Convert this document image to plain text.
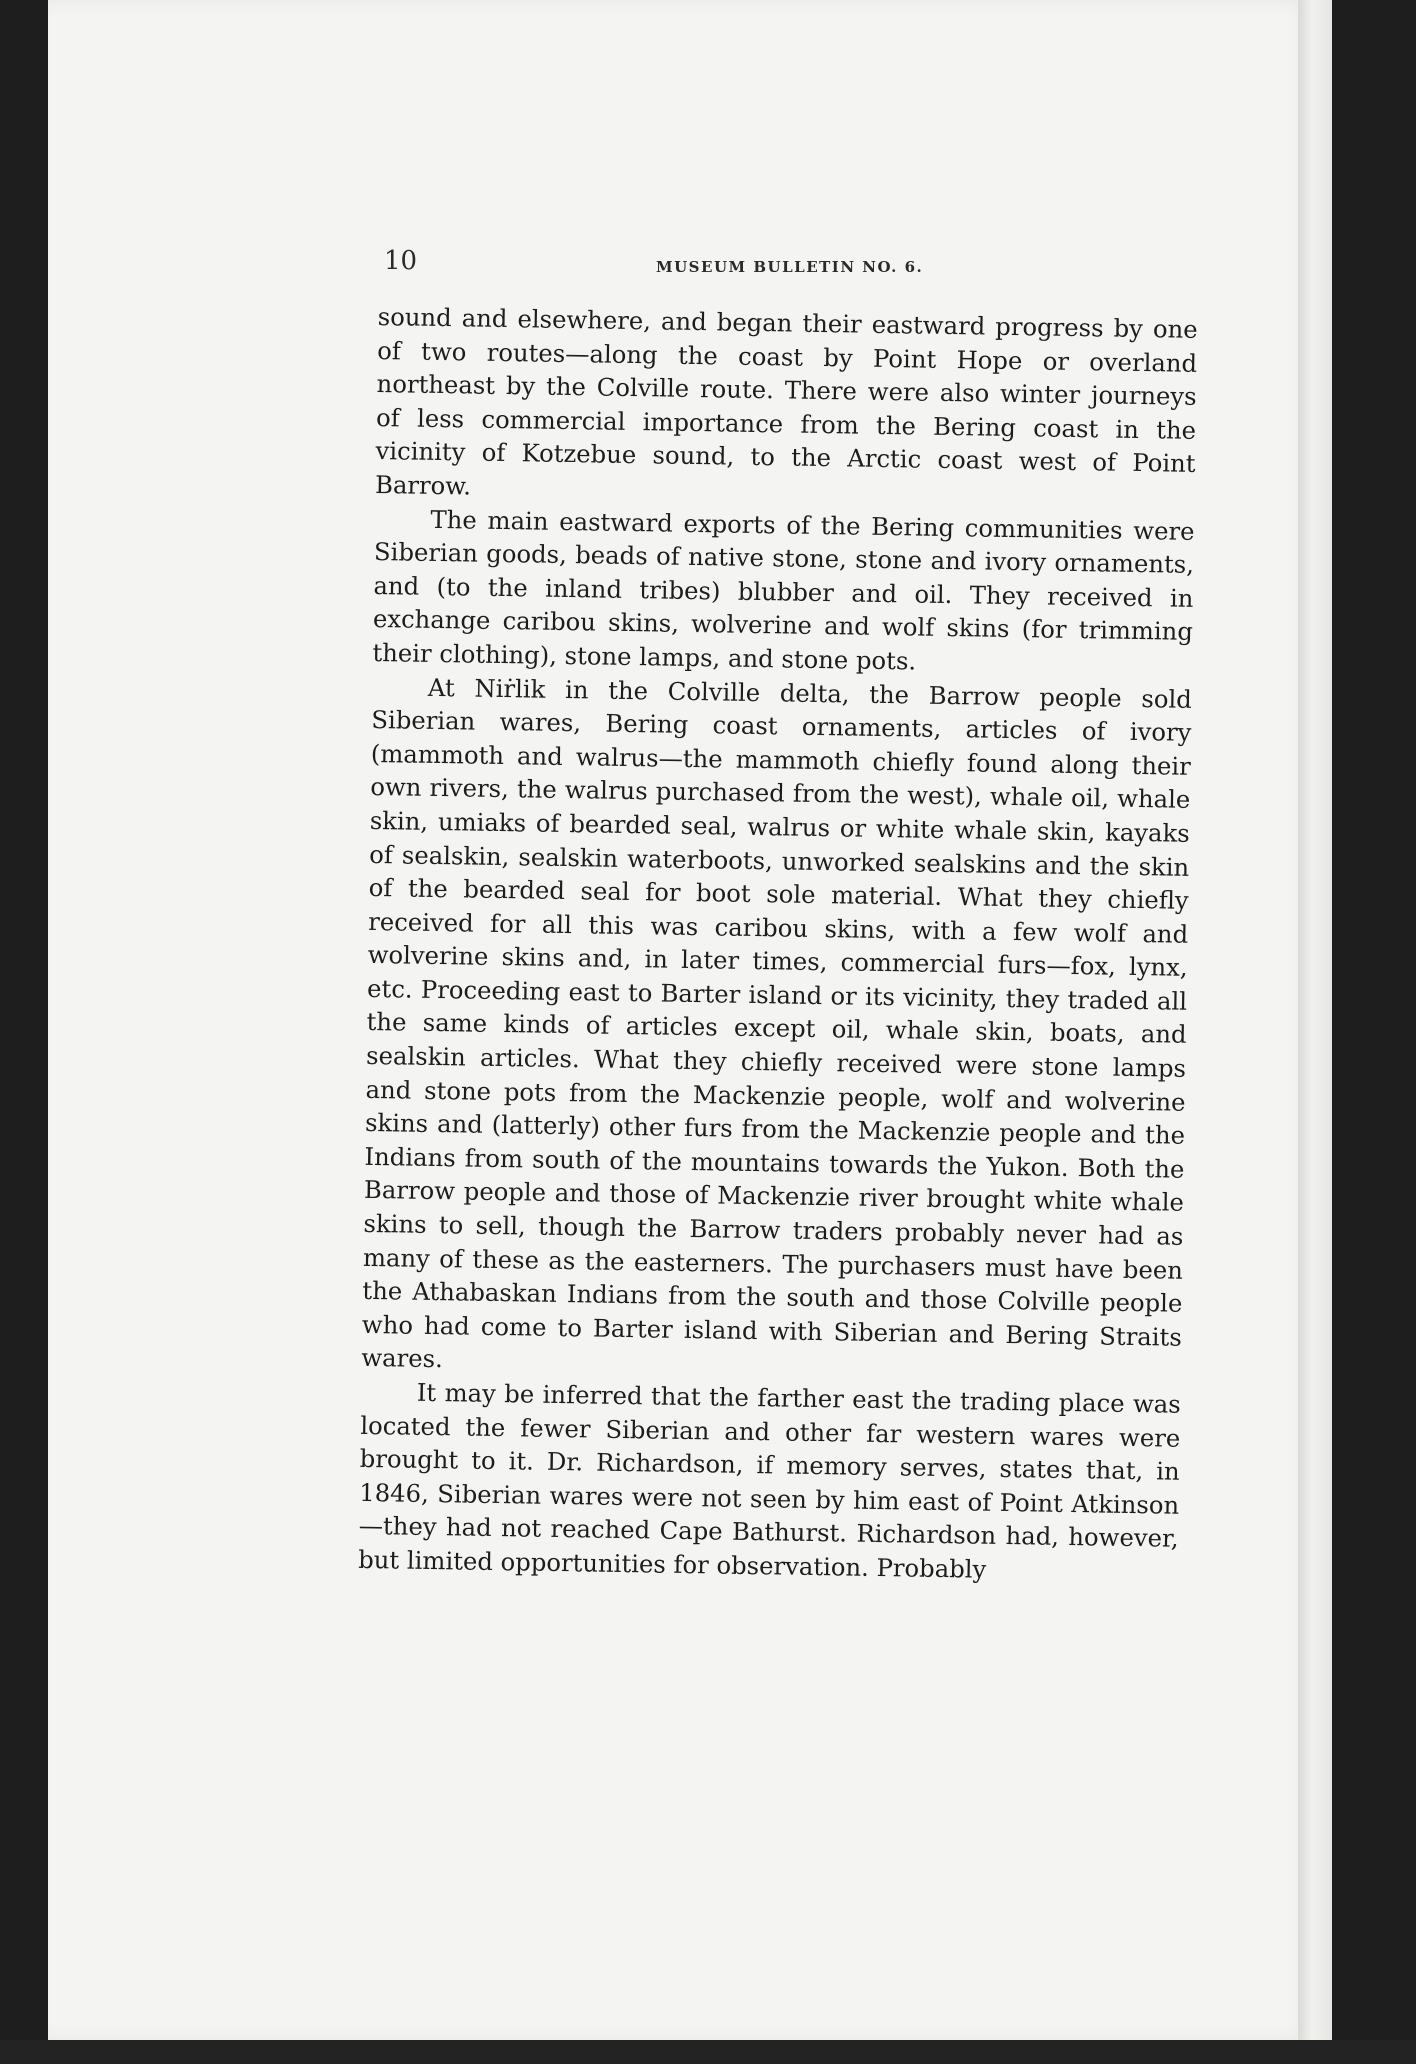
10	MUSEUM BULLETIN NO. 6.

sound and elsewhere, and began their eastward progress by one of two routes—along the coast by Point Hope or overland northeast by the Colville route. There were also winter journeys of less commercial importance from the Bering coast in the vicinity of Kotzebue sound, to the Arctic coast west of Point Barrow.

The main eastward exports of the Bering communities were Siberian goods, beads of native stone, stone and ivory ornaments, and (to the inland tribes) blubber and oil. They received in exchange caribou skins, wolverine and wolf skins (for trimming their clothing), stone lamps, and stone pots.

At Niṙlik in the Colville delta, the Barrow people sold Siberian wares, Bering coast ornaments, articles of ivory (mammoth and walrus—the mammoth chiefly found along their own rivers, the walrus purchased from the west), whale oil, whale skin, umiaks of bearded seal, walrus or white whale skin, kayaks of sealskin, sealskin waterboots, unworked sealskins and the skin of the bearded seal for boot sole material. What they chiefly received for all this was caribou skins, with a few wolf and wolverine skins and, in later times, commercial furs—fox, lynx, etc. Proceeding east to Barter island or its vicinity, they traded all the same kinds of articles except oil, whale skin, boats, and sealskin articles. What they chiefly received were stone lamps and stone pots from the Mackenzie people, wolf and wolverine skins and (latterly) other furs from the Mackenzie people and the Indians from south of the mountains towards the Yukon. Both the Barrow people and those of Mackenzie river brought white whale skins to sell, though the Barrow traders probably never had as many of these as the easterners. The purchasers must have been the Athabaskan Indians from the south and those Colville people who had come to Barter island with Siberian and Bering Straits wares.

It may be inferred that the farther east the trading place was located the fewer Siberian and other far western wares were brought to it. Dr. Richardson, if memory serves, states that, in 1846, Siberian wares were not seen by him east of Point Atkinson—they had not reached Cape Bathurst. Richardson had, however, but limited opportunities for observation. Probably
